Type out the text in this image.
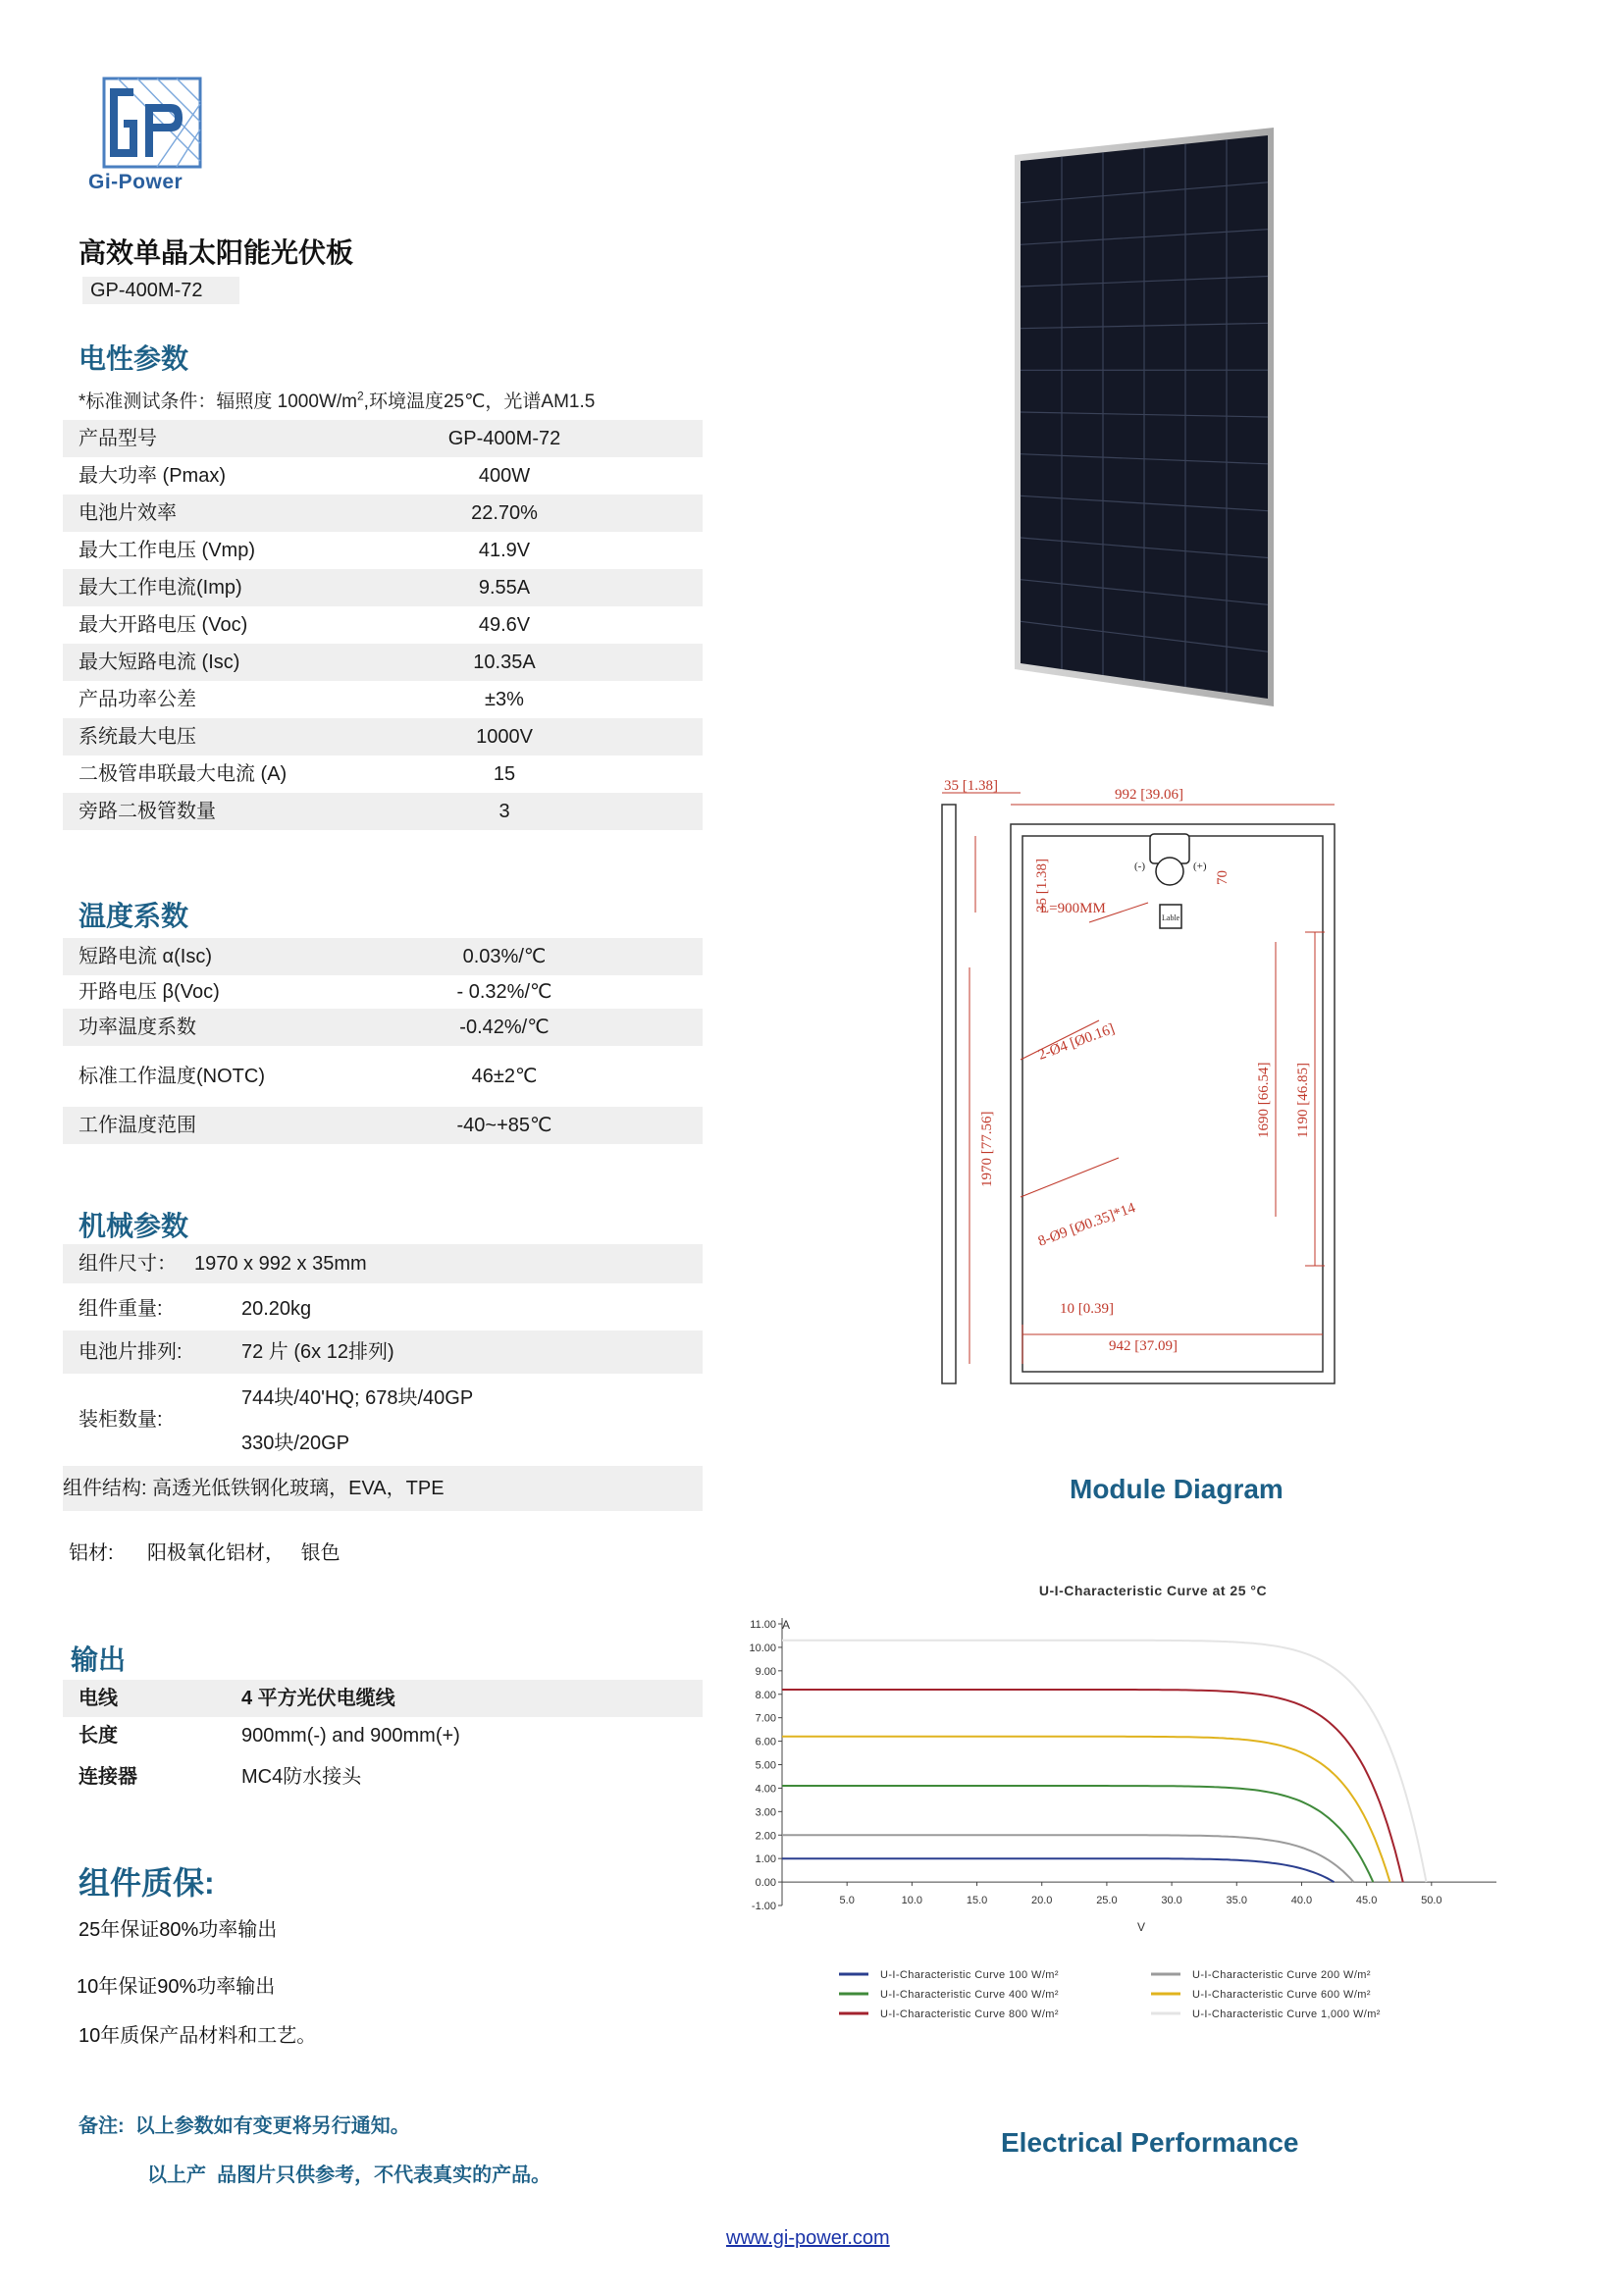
Gi-Power
高效单晶太阳能光伏板
GP-400M-72
电性参数
*标准测试条件：辐照度 $1000W/m^2$,环境温度25℃，光谱AM1.5
产品型号	GP-400M-72
最大功率 (Pmax)	400W
电池片效率	22.70%
最大工作电压 (Vmp)	41.9V
最大工作电流(Imp)	9.55A
最大开路电压 (Voc)	49.6V
最大短路电流 (Isc)	10.35A
产品功率公差	±3%
系统最大电压	1000V
二极管串联最大电流 (A)	15
旁路二极管数量	3
温度系数
短路电流 α(Isc)	0.03%/℃
开路电压 β(Voc)	- 0.32%/℃
功率温度系数	-0.42%/℃
标准工作温度(NOTC)	46±2℃
工作温度范围	-40~+85℃
机械参数
组件尺寸： 1970 x 992 x 35mm
组件重量:	20.20kg
电池片排列:	72 片 (6x 12排列)
装柜数量:
744块/40'HQ; 678块/40GP
330块/20GP
组件结构: 高透光低铁钢化玻璃，EVA，TPE
铝材: 阳极氧化铝材，   银色
输出
电线	4 平方光伏电缆线
长度	900mm(-) and 900mm(+)
连接器	MC4防水接头
组件质保:
25年保证80%功率输出
10年保证90%功率输出
10年质保产品材料和工艺。
备注:  以上参数如有变更将另行通知。
以上产  品图片只供参考，不代表真实的产品。
35 [1.38]
992 [39.06]
L=900MM
10 [0.39]
942 [37.09]
2-Ø4 [Ø0.16]
8-Ø9 [Ø0.35]*14
35 [1.38]	70
1970 [77.56]
1690 [66.54] 1190 [46.85]
(-)	(+)
Lable
Module Diagram
U-I-Characteristic Curve at 25 °C
A
V
-1.00
0.00
1.00
2.00
3.00
4.00
5.00
6.00
7.00
8.00
9.00
10.00
11.00
5.0	10.0	15.0	20.0	25.0	30.0	35.0	40.0	45.0	50.0
U-I-Characteristic Curve 100 W/m²	U-I-Characteristic Curve 200 W/m²
U-I-Characteristic Curve 400 W/m²	U-I-Characteristic Curve 600 W/m²
U-I-Characteristic Curve 800 W/m²	U-I-Characteristic Curve 1,000 W/m²
Electrical Performance
www.gi-power.com
